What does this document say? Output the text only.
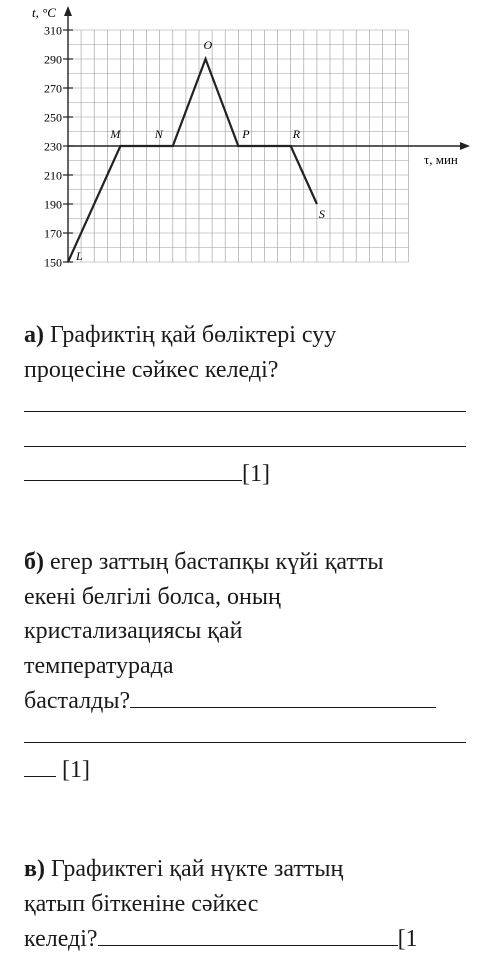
310
290
270
250
230
210
190
170
150 L
M	N
O
P	R
S
t, °C
τ, мин
а) Графиктің қай бөліктері суу
процесіне сәйкес келеді?
[1]
б) егер заттың бастапқы күйі қатты
екені белгілі болса, оның
кристализациясы қай
температурада
басталды?
[1]
в) Графиктегі қай нүкте заттың
қатып біткеніне сәйкес
келеді?	[1
